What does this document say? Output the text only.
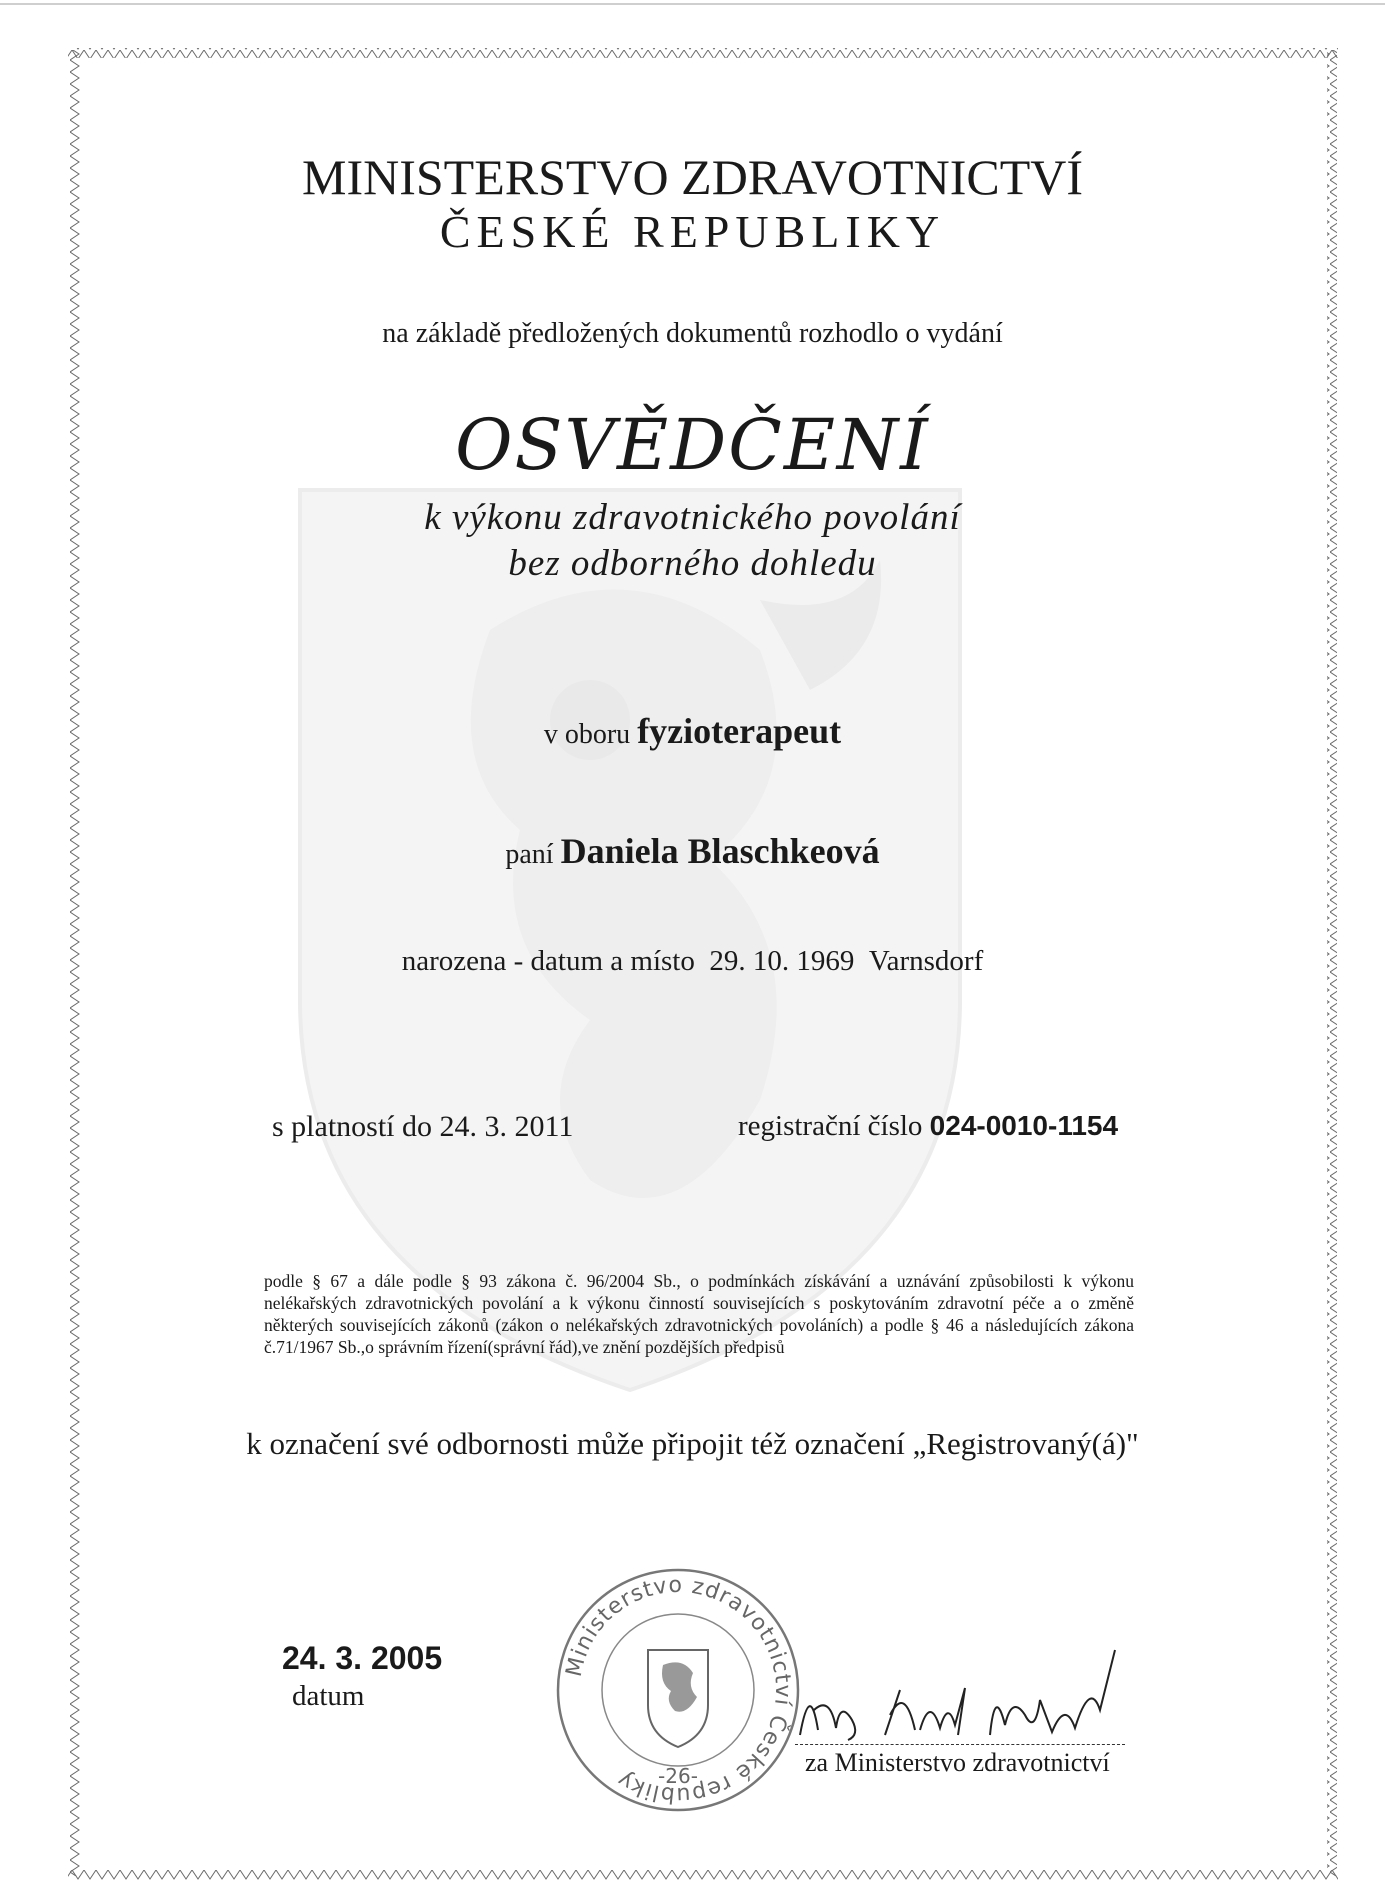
MINISTERSTVO ZDRAVOTNICTVÍ
ČESKÉ REPUBLIKY
na základě předložených dokumentů rozhodlo o vydání
OSVĚDČENÍ
k výkonu zdravotnického povolání
bez odborného dohledu
v oboru fyzioterapeut
paní Daniela Blaschkeová
narozena - datum a místo 29. 10. 1969 Varnsdorf
s platností do 24. 3. 2011	registrační číslo 024-0010-1154
podle § 67 a dále podle § 93 zákona č. 96/2004 Sb., o podmínkách získávání a uznávání způsobilosti k výkonu nelékařských zdravotnických povolání a k výkonu činností souvisejících s poskytováním zdravotní péče a o změně některých souvisejících zákonů (zákon o nelékařských zdravotnických povoláních) a podle § 46 a následujících zákona č.71/1967 Sb.,o správním řízení(správní řád),ve znění pozdějších předpisů
k označení své odbornosti může připojit též označení „Registrovaný(á)"
24. 3. 2005
datum
Ministerstvo zdravotnictví České republiky	-26-	za Ministerstvo zdravotnictví
